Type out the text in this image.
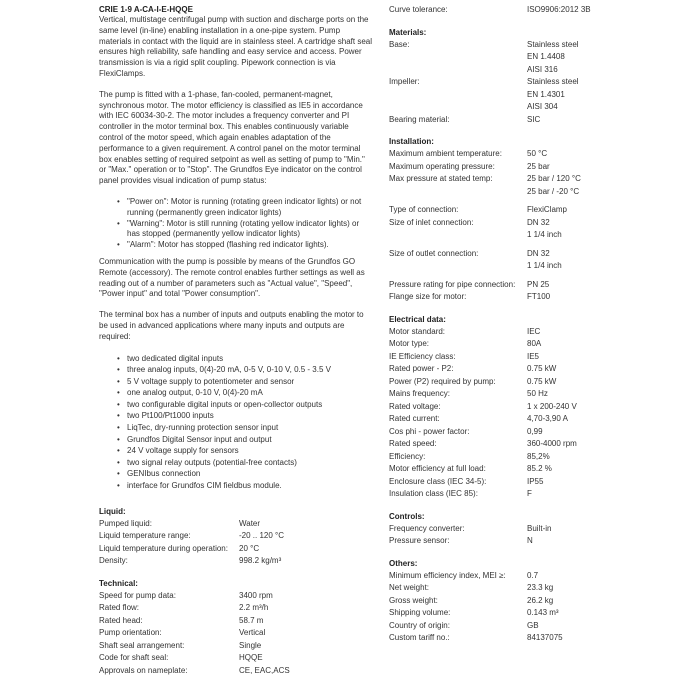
CRIE 1-9 A-CA-I-E-HQQE

Vertical, multistage centrifugal pump with suction and discharge ports on the same level (in-line) enabling installation in a one-pipe system. Pump materials in contact with the liquid are in stainless steel. A cartridge shaft seal ensures high reliability, safe handling and easy service and access. Power transmission is via a rigid split coupling. Pipework connection is via FlexiClamps.

The pump is fitted with a 1-phase, fan-cooled, permanent-magnet, synchronous motor. The motor efficiency is classified as IE5 in accordance with IEC 60034-30-2. The motor includes a frequency converter and PI controller in the motor terminal box. This enables continuously variable control of the motor speed, which again enables adaptation of the performance to a given requirement. A control panel on the motor terminal box enables setting of required setpoint as well as setting of pump to "Min." or "Max." operation or to "Stop". The Grundfos Eye indicator on the control panel provides visual indication of pump status:

• "Power on": Motor is running (rotating green indicator lights) or not running (permanently green indicator lights)
• "Warning": Motor is still running (rotating yellow indicator lights) or has stopped (permanently yellow indicator lights)
• "Alarm": Motor has stopped (flashing red indicator lights).

Communication with the pump is possible by means of the Grundfos GO Remote (accessory). The remote control enables further settings as well as reading out of a number of parameters such as "Actual value", "Speed", "Power input" and total "Power consumption".

The terminal box has a number of inputs and outputs enabling the motor to be used in advanced applications where many inputs and outputs are required:

• two dedicated digital inputs
• three analog inputs, 0(4)-20 mA, 0-5 V, 0-10 V, 0.5 - 3.5 V
• 5 V voltage supply to potentiometer and sensor
• one analog output, 0-10 V, 0(4)-20 mA
• two configurable digital inputs or open-collector outputs
• two Pt100/Pt1000 inputs
• LiqTec, dry-running protection sensor input
• Grundfos Digital Sensor input and output
• 24 V voltage supply for sensors
• two signal relay outputs (potential-free contacts)
• GENIbus connection
• interface for Grundfos CIM fieldbus module.
Liquid:
Pumped liquid:	Water
Liquid temperature range:	-20 .. 120 °C
Liquid temperature during operation:	20 °C
Density:	998.2 kg/m³
Technical:
Speed for pump data:	3400 rpm
Rated flow:	2.2 m³/h
Rated head:	58.7 m
Pump orientation:	Vertical
Shaft seal arrangement:	Single
Code for shaft seal:	HQQE
Approvals on nameplate:	CE, EAC,ACS
Curve tolerance:	ISO9906:2012 3B
Materials:
Base:	Stainless steel
EN 1.4408
AISI 316
Impeller:	Stainless steel
EN 1.4301
AISI 304
Bearing material:	SIC
Installation:
Maximum ambient temperature:	50 °C
Maximum operating pressure:	25 bar
Max pressure at stated temp:	25 bar / 120 °C
25 bar / -20 °C
Type of connection:	FlexiClamp
Size of inlet connection:	DN 32
1 1/4 inch
Size of outlet connection:	DN 32
1 1/4 inch
Pressure rating for pipe connection:	PN 25
Flange size for motor:	FT100
Electrical data:
Motor standard:	IEC
Motor type:	80A
IE Efficiency class:	IE5
Rated power - P2:	0.75 kW
Power (P2) required by pump:	0.75 kW
Mains frequency:	50 Hz
Rated voltage:	1 x 200-240 V
Rated current:	4,70-3,90 A
Cos phi - power factor:	0,99
Rated speed:	360-4000 rpm
Efficiency:	85,2%
Motor efficiency at full load:	85.2 %
Enclosure class (IEC 34-5):	IP55
Insulation class (IEC 85):	F
Controls:
Frequency converter:	Built-in
Pressure sensor:	N
Others:
Minimum efficiency index, MEI ≥:	0.7
Net weight:	23.3 kg
Gross weight:	26.2 kg
Shipping volume:	0.143 m³
Country of origin:	GB
Custom tariff no.:	84137075
